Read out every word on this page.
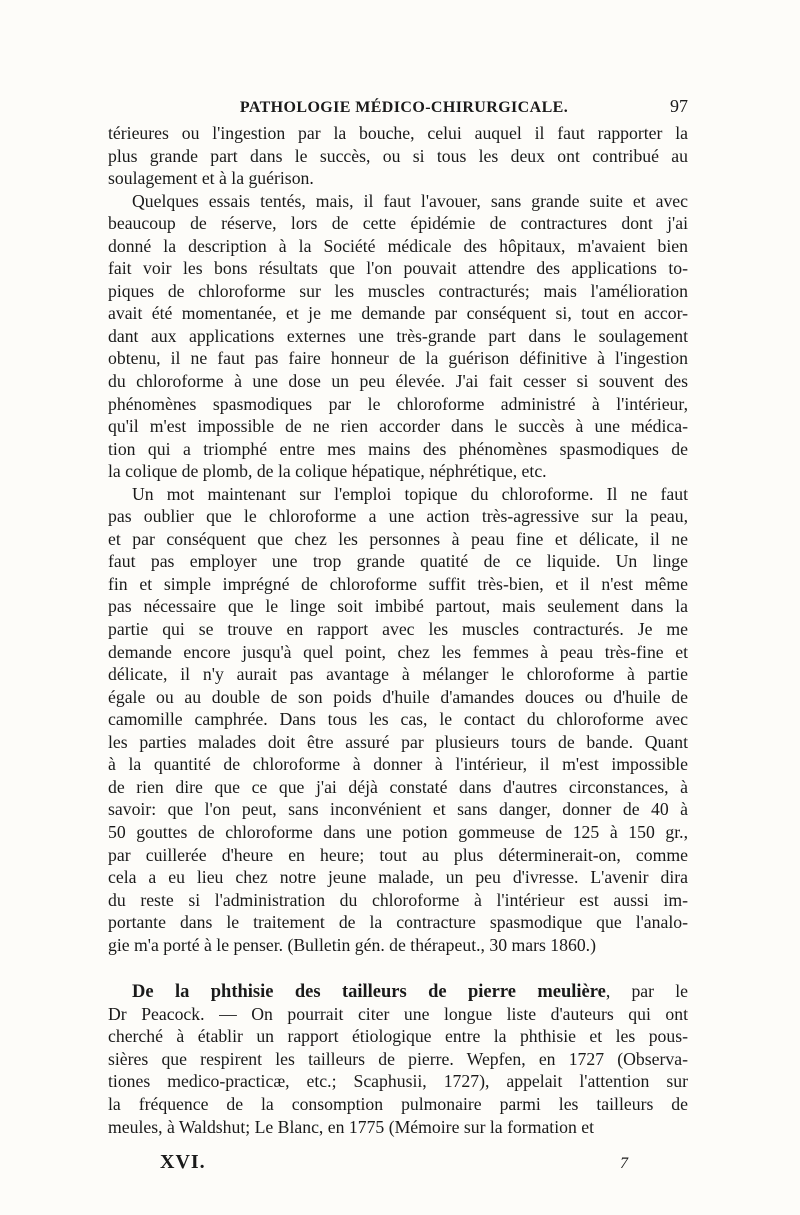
PATHOLOGIE MÉDICO-CHIRURGICALE.	97
térieures ou l'ingestion par la bouche, celui auquel il faut rapporter la
plus grande part dans le succès, ou si tous les deux ont contribué au
soulagement et à la guérison.
Quelques essais tentés, mais, il faut l'avouer, sans grande suite et avec
beaucoup de réserve, lors de cette épidémie de contractures dont j'ai
donné la description à la Société médicale des hôpitaux, m'avaient bien
fait voir les bons résultats que l'on pouvait attendre des applications to-
piques de chloroforme sur les muscles contracturés; mais l'amélioration
avait été momentanée, et je me demande par conséquent si, tout en accor-
dant aux applications externes une très-grande part dans le soulagement
obtenu, il ne faut pas faire honneur de la guérison définitive à l'ingestion
du chloroforme à une dose un peu élevée. J'ai fait cesser si souvent des
phénomènes spasmodiques par le chloroforme administré à l'intérieur,
qu'il m'est impossible de ne rien accorder dans le succès à une médica-
tion qui a triomphé entre mes mains des phénomènes spasmodiques de
la colique de plomb, de la colique hépatique, néphrétique, etc.
Un mot maintenant sur l'emploi topique du chloroforme. Il ne faut
pas oublier que le chloroforme a une action très-agressive sur la peau,
et par conséquent que chez les personnes à peau fine et délicate, il ne
faut pas employer une trop grande quatité de ce liquide. Un linge
fin et simple imprégné de chloroforme suffit très-bien, et il n'est même
pas nécessaire que le linge soit imbibé partout, mais seulement dans la
partie qui se trouve en rapport avec les muscles contracturés. Je me
demande encore jusqu'à quel point, chez les femmes à peau très-fine et
délicate, il n'y aurait pas avantage à mélanger le chloroforme à partie
égale ou au double de son poids d'huile d'amandes douces ou d'huile de
camomille camphrée. Dans tous les cas, le contact du chloroforme avec
les parties malades doit être assuré par plusieurs tours de bande. Quant
à la quantité de chloroforme à donner à l'intérieur, il m'est impossible
de rien dire que ce que j'ai déjà constaté dans d'autres circonstances, à
savoir: que l'on peut, sans inconvénient et sans danger, donner de 40 à
50 gouttes de chloroforme dans une potion gommeuse de 125 à 150 gr.,
par cuillerée d'heure en heure; tout au plus déterminerait-on, comme
cela a eu lieu chez notre jeune malade, un peu d'ivresse. L'avenir dira
du reste si l'administration du chloroforme à l'intérieur est aussi im-
portante dans le traitement de la contracture spasmodique que l'analo-
gie m'a porté à le penser. (Bulletin gén. de thérapeut., 30 mars 1860.)
De la phthisie des tailleurs de pierre meulière, par le
Dr Peacock. — On pourrait citer une longue liste d'auteurs qui ont
cherché à établir un rapport étiologique entre la phthisie et les pous-
sières que respirent les tailleurs de pierre. Wepfen, en 1727 (Observa-
tiones medico-practicæ, etc.; Scaphusii, 1727), appelait l'attention sur
la fréquence de la consomption pulmonaire parmi les tailleurs de
meules, à Waldshut; Le Blanc, en 1775 (Mémoire sur la formation et
XVI.	7
